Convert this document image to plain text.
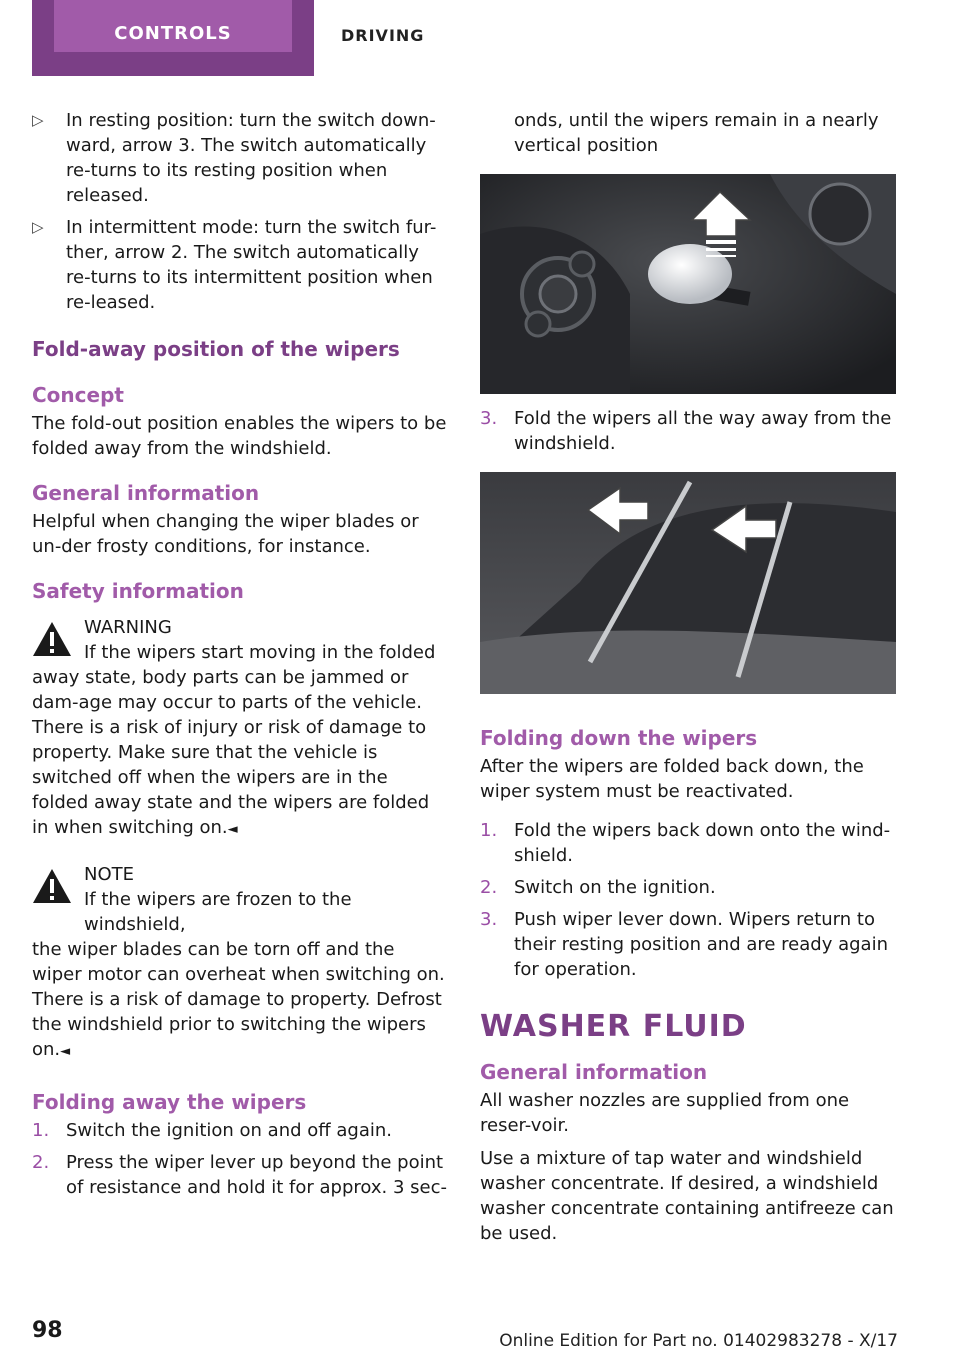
CONTROLS	DRIVING
▷ In resting position: turn the switch down-ward, arrow 3. The switch automatically re-turns to its resting position when released.
▷ In intermittent mode: turn the switch fur-ther, arrow 2. The switch automatically re-turns to its intermittent position when re-leased.
Fold-away position of the wipers
Concept

The fold-out position enables the wipers to be folded away from the windshield.

General information

Helpful when changing the wiper blades or un-der frosty conditions, for instance.

Safety information
WARNING
If the wipers start moving in the folded
away state, body parts can be jammed or dam-age may occur to parts of the vehicle. There is a risk of injury or risk of damage to property. Make sure that the vehicle is switched off when the wipers are in the folded away state and the wipers are folded in when switching on.◄
NOTE
If the wipers are frozen to the windshield,
the wiper blades can be torn off and the wiper motor can overheat when switching on. There is a risk of damage to property. Defrost the windshield prior to switching the wipers on.◄
Folding away the wipers
1. Switch the ignition on and off again.
2. Press the wiper lever up beyond the point of resistance and hold it for approx. 3 sec-
onds, until the wipers remain in a nearly vertical position
3. Fold the wipers all the way away from the windshield.
Folding down the wipers

After the wipers are folded back down, the wiper system must be reactivated.

1. Fold the wipers back down onto the wind-shield.
2. Switch on the ignition.
3. Push wiper lever down. Wipers return to their resting position and are ready again for operation.
WASHER FLUID
General information

All washer nozzles are supplied from one reser-voir.

Use a mixture of tap water and windshield washer concentrate. If desired, a windshield washer concentrate containing antifreeze can be used.

98	Online Edition for Part no. 01402983278 - X/17
